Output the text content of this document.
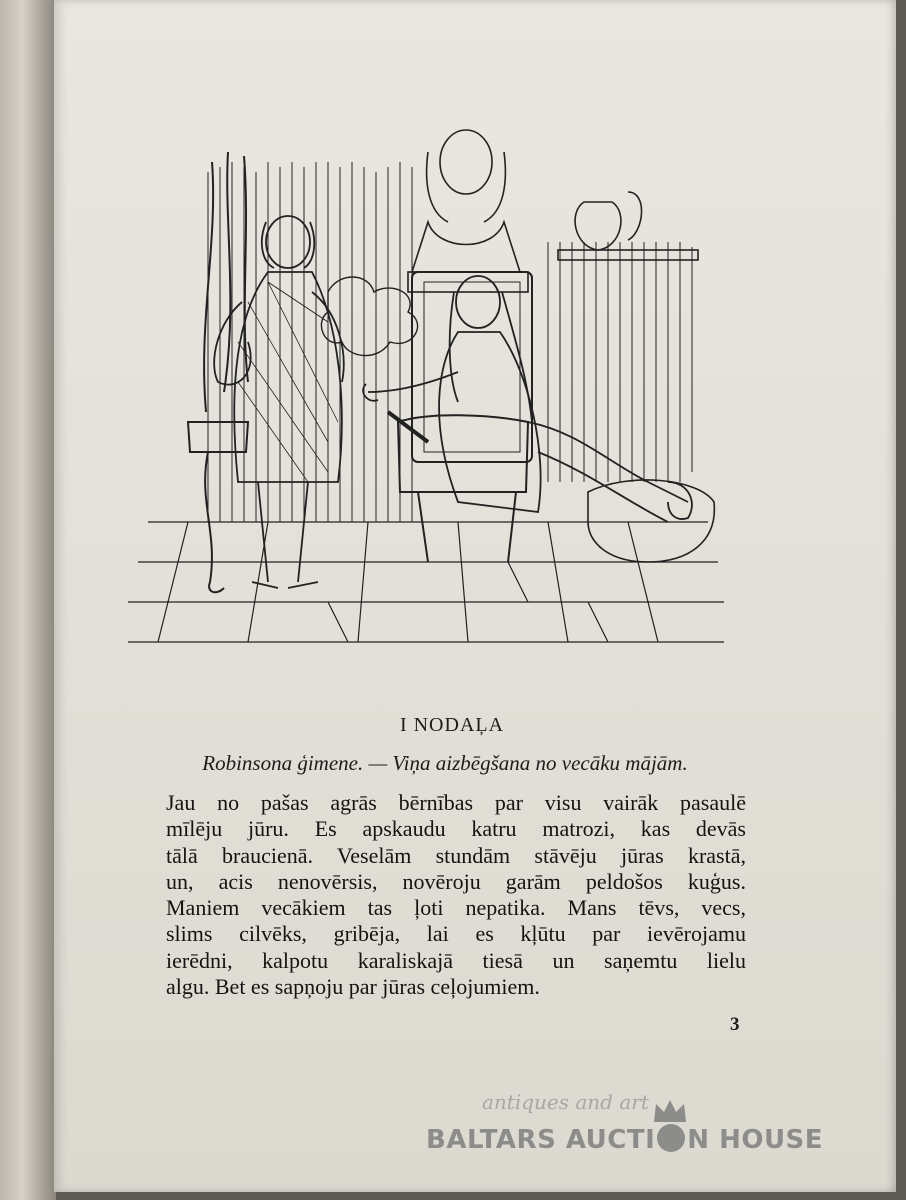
I NODAĻA
Robinsona ģimene. — Viņa aizbēgšana no vecāku mājām.
Jau no pašas agrās bērnības par visu vairāk pasaulē
mīlēju jūru. Es apskaudu katru matrozi, kas devās
tālā braucienā. Veselām stundām stāvēju jūras krastā,
un, acis nenovērsis, novēroju garām peldošos kuģus.
Maniem vecākiem tas ļoti nepatika. Mans tēvs, vecs,
slims cilvēks, gribēja, lai es kļūtu par ievērojamu
ierēdni, kalpotu karaliskajā tiesā un saņemtu lielu
algu. Bet es sapņoju par jūras ceļojumiem.
3
antiques and art
BALTARS AUCTI N HOUSE
